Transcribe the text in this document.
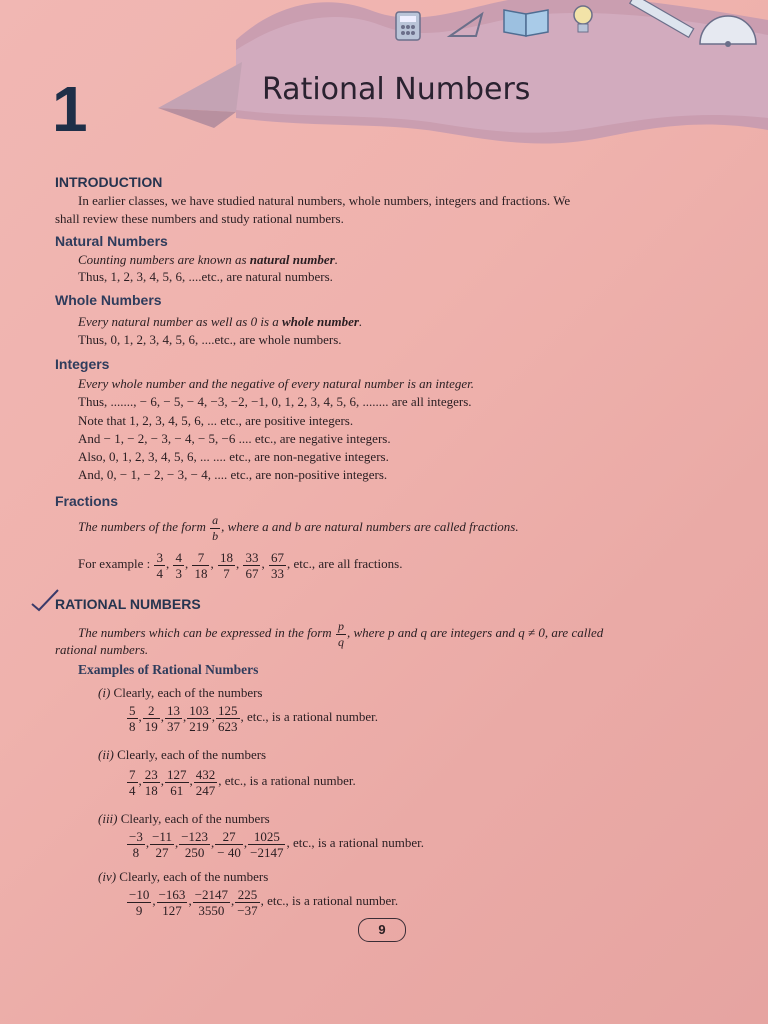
1	Rational Numbers
INTRODUCTION
In earlier classes, we have studied natural numbers, whole numbers, integers and fractions. We
shall review these numbers and study rational numbers.
Natural Numbers
Counting numbers are known as natural number.
Thus, 1, 2, 3, 4, 5, 6, ....etc., are natural numbers.
Whole Numbers
Every natural number as well as 0 is a whole number.
Thus, 0, 1, 2, 3, 4, 5, 6, ....etc., are whole numbers.
Integers
Every whole number and the negative of every natural number is an integer.
Thus, ......., − 6, − 5, − 4, −3, −2, −1, 0, 1, 2, 3, 4, 5, 6, ........ are all integers.
Note that 1, 2, 3, 4, 5, 6, ... etc., are positive integers.
And − 1, − 2, − 3, − 4, − 5, −6 .... etc., are negative integers.
Also, 0, 1, 2, 3, 4, 5, 6, ... .... etc., are non-negative integers.
And, 0, − 1, − 2, − 3, − 4, .... etc., are non-positive integers.
Fractions
The numbers of the form $\frac{a}{b}$ , where a and b are natural numbers are called fractions.
For example : $\frac{3}{4}$ , $\frac{4}{3}$ , $\frac{7}{18}$ , $\frac{18}{7}$ , $\frac{33}{67}$ , $\frac{67}{33}$ , etc., are all fractions.
RATIONAL NUMBERS
The numbers which can be expressed in the form $\frac{p}{q}$ , where p and q are integers and q ≠ 0, are called
rational numbers.
Examples of Rational Numbers
(i) Clearly, each of the numbers
$\frac{5}{8}$ , $\frac{2}{19}$ , $\frac{13}{37}$ , $\frac{103}{219}$ , $\frac{125}{623}$ , etc., is a rational number.
(ii) Clearly, each of the numbers
$\frac{7}{4}$ , $\frac{23}{18}$ , $\frac{127}{61}$ , $\frac{432}{247}$ , etc., is a rational number.
(iii) Clearly, each of the numbers
$\frac{-3}{8}$ , $\frac{-11}{27}$ , $\frac{-123}{250}$ , $\frac{27}{- 40}$ , $\frac{1025}{-2147}$ , etc., is a rational number.
(iv) Clearly, each of the numbers
$\frac{-10}{9}$ , $\frac{-163}{127}$ , $\frac{-2147}{3550}$ , $\frac{225}{-37}$ , etc., is a rational number.
9
